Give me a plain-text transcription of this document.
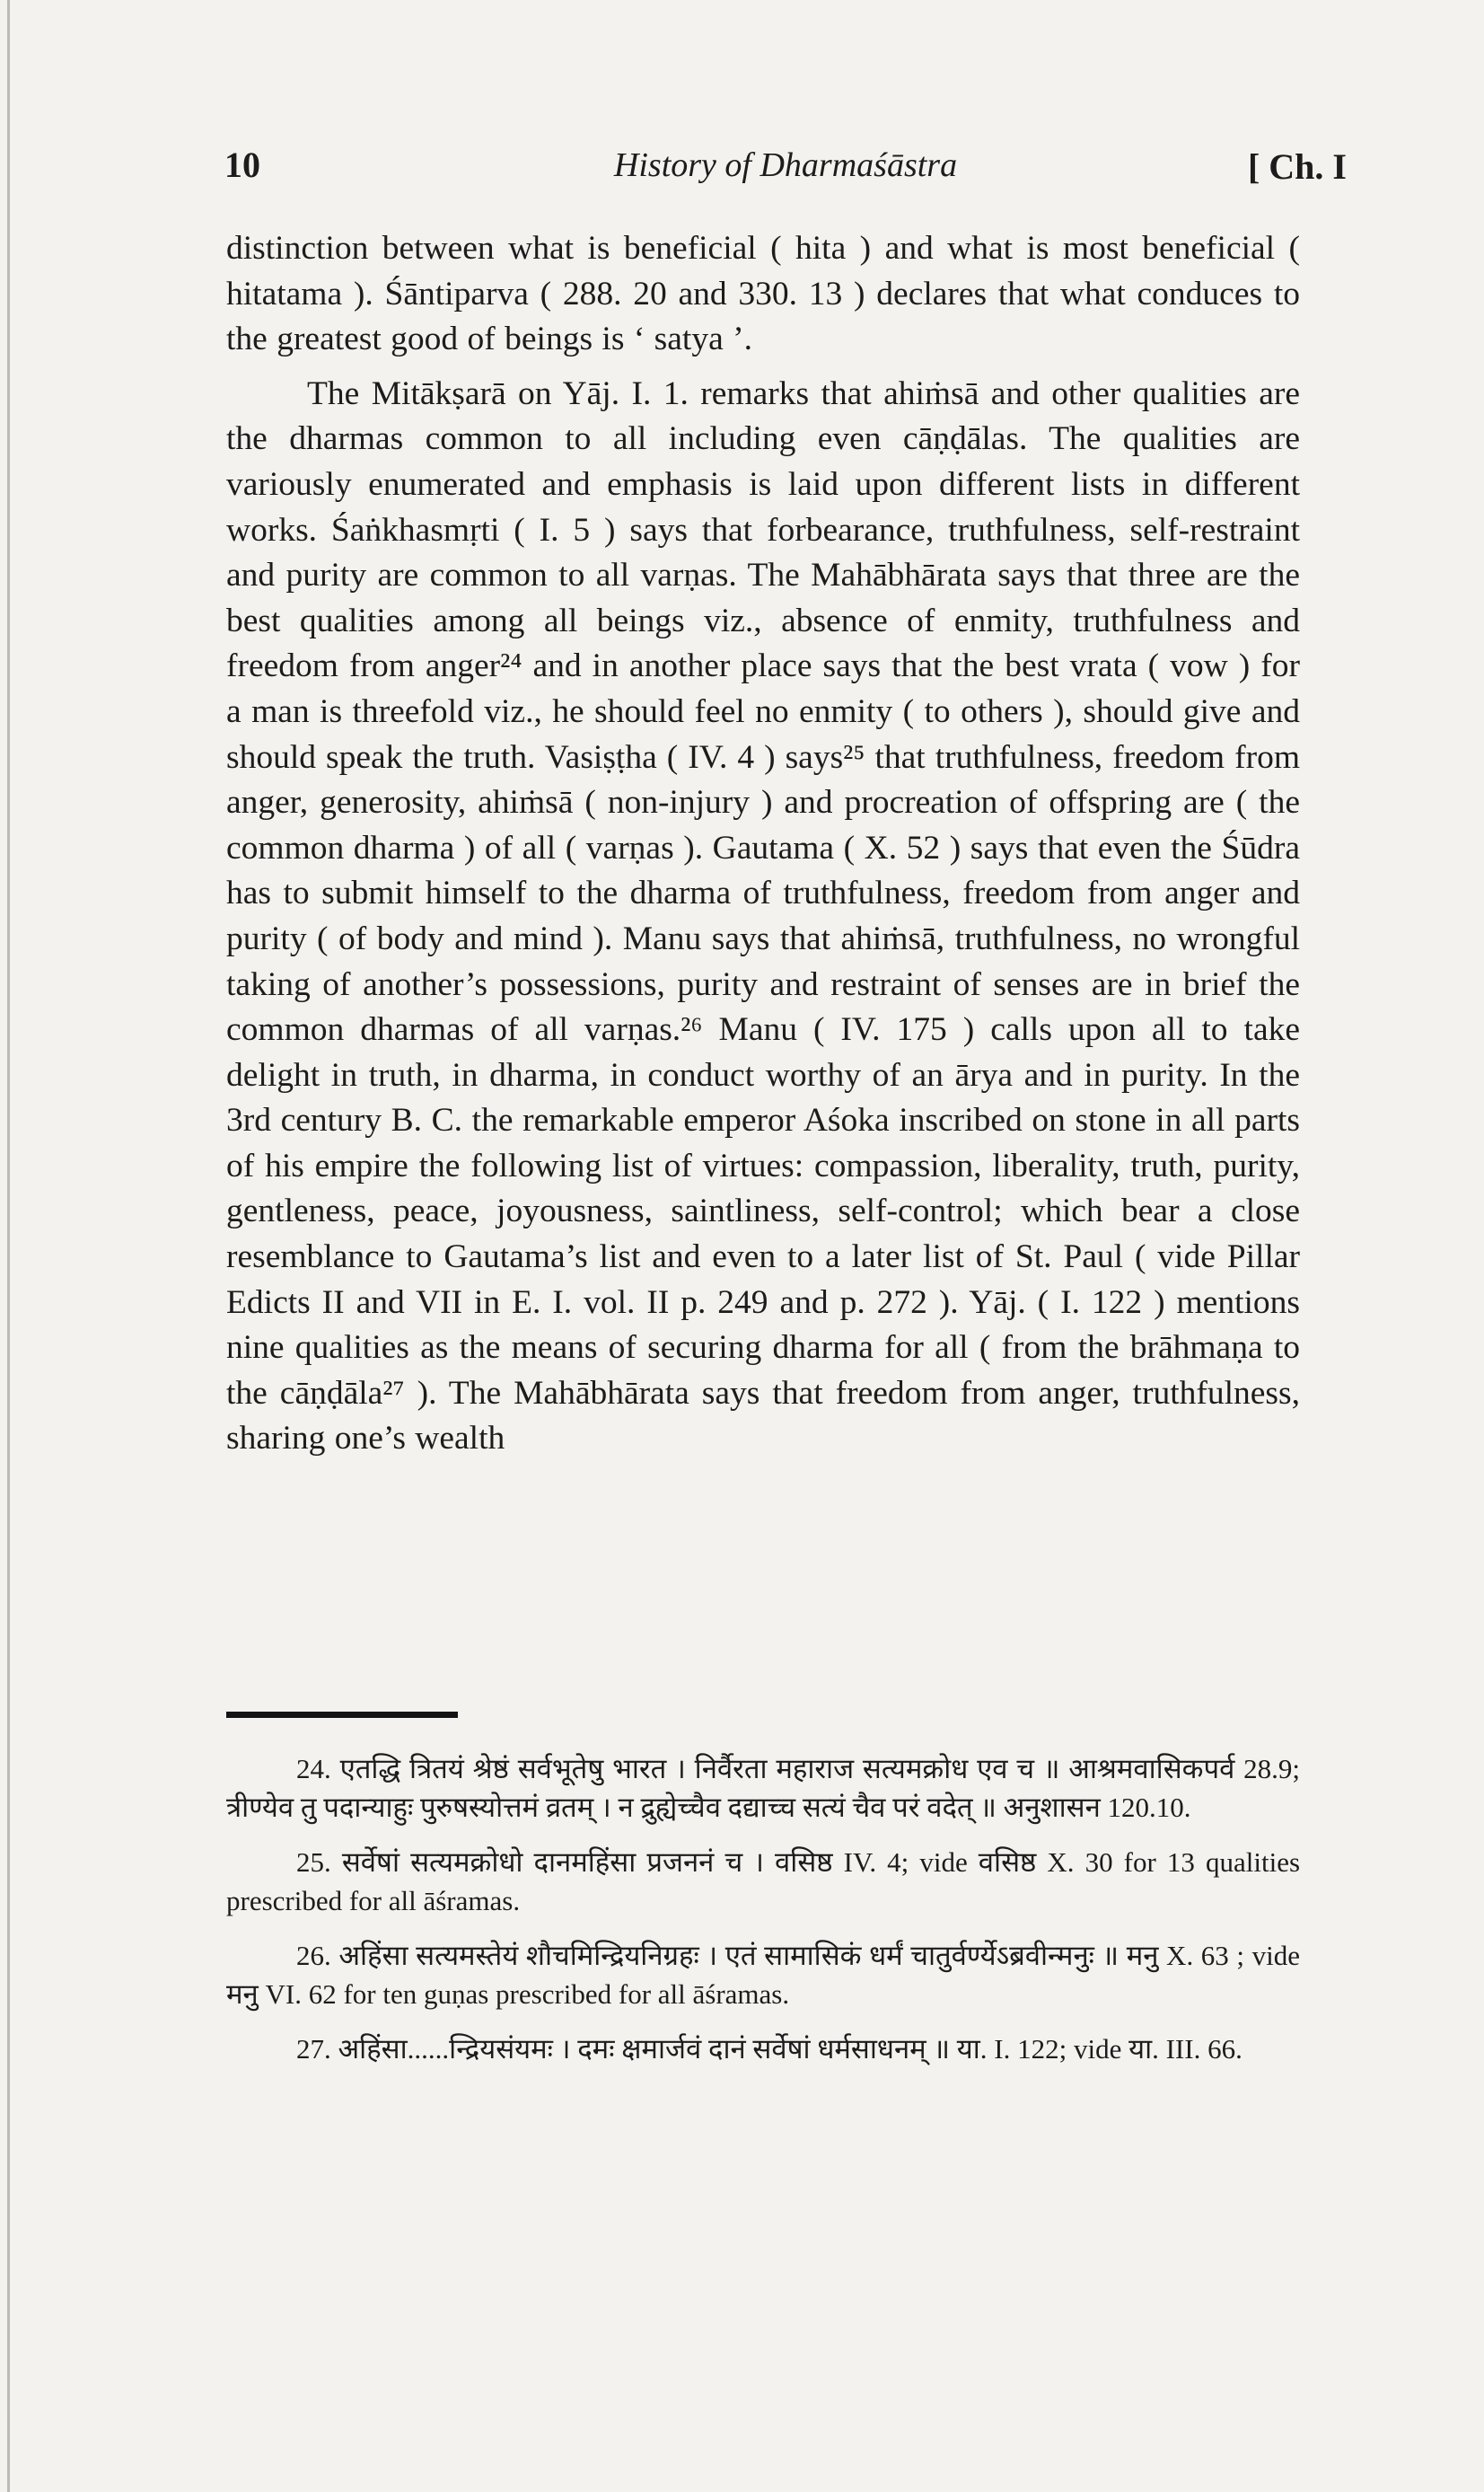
10	History of Dharmaśāstra	[ Ch. I

distinction between what is beneficial ( hita ) and what is most beneficial ( hitatama ). Śāntiparva ( 288. 20 and 330. 13 ) declares that what conduces to the greatest good of beings is ‘ satya ’.

The Mitākṣarā on Yāj. I. 1. remarks that ahiṁsā and other qualities are the dharmas common to all including even cāṇḍālas. The qualities are variously enumerated and emphasis is laid upon different lists in different works. Śaṅkhasmṛti ( I. 5 ) says that forbearance, truthfulness, self-restraint and purity are common to all varṇas. The Mahābhārata says that three are the best qualities among all beings viz., absence of enmity, truthfulness and freedom from anger²⁴ and in another place says that the best vrata ( vow ) for a man is threefold viz., he should feel no enmity ( to others ), should give and should speak the truth. Vasiṣṭha ( IV. 4 ) says²⁵ that truthfulness, freedom from anger, generosity, ahiṁsā ( non-injury ) and procreation of offspring are ( the common dharma ) of all ( varṇas ). Gautama ( X. 52 ) says that even the Śūdra has to submit himself to the dharma of truthfulness, freedom from anger and purity ( of body and mind ). Manu says that ahiṁsā, truthfulness, no wrongful taking of another’s possessions, purity and restraint of senses are in brief the common dharmas of all varṇas.²⁶ Manu ( IV. 175 ) calls upon all to take delight in truth, in dharma, in conduct worthy of an ārya and in purity. In the 3rd century B. C. the remarkable emperor Aśoka inscribed on stone in all parts of his empire the following list of virtues: compassion, liberality, truth, purity, gentleness, peace, joyousness, saintliness, self-control; which bear a close resemblance to Gautama’s list and even to a later list of St. Paul ( vide Pillar Edicts II and VII in E. I. vol. II p. 249 and p. 272 ). Yāj. ( I. 122 ) mentions nine qualities as the means of securing dharma for all ( from the brāhmaṇa to the cāṇḍāla²⁷ ). The Mahābhārata says that freedom from anger, truthfulness, sharing one’s wealth

24. एतद्धि त्रितयं श्रेष्ठं सर्वभूतेषु भारत । निर्वैरता महाराज सत्यमक्रोध एव च ॥ आश्रमवासिकपर्व 28.9; त्रीण्येव तु पदान्याहुः पुरुषस्योत्तमं व्रतम् । न द्रुह्येच्चैव दद्याच्च सत्यं चैव परं वदेत् ॥ अनुशासन 120.10.

25. सर्वेषां सत्यमक्रोधो दानमहिंसा प्रजननं च । वसिष्ठ IV. 4; vide वसिष्ठ X. 30 for 13 qualities prescribed for all āśramas.

26. अहिंसा सत्यमस्तेयं शौचमिन्द्रियनिग्रहः । एतं सामासिकं धर्मं चातुर्वर्ण्येऽब्रवीन्मनुः ॥ मनु X. 63 ; vide मनु VI. 62 for ten guṇas prescribed for all āśramas.

27. अहिंसा......न्द्रियसंयमः । दमः क्षमार्जवं दानं सर्वेषां धर्मसाधनम् ॥ या. I. 122; vide या. III. 66.
